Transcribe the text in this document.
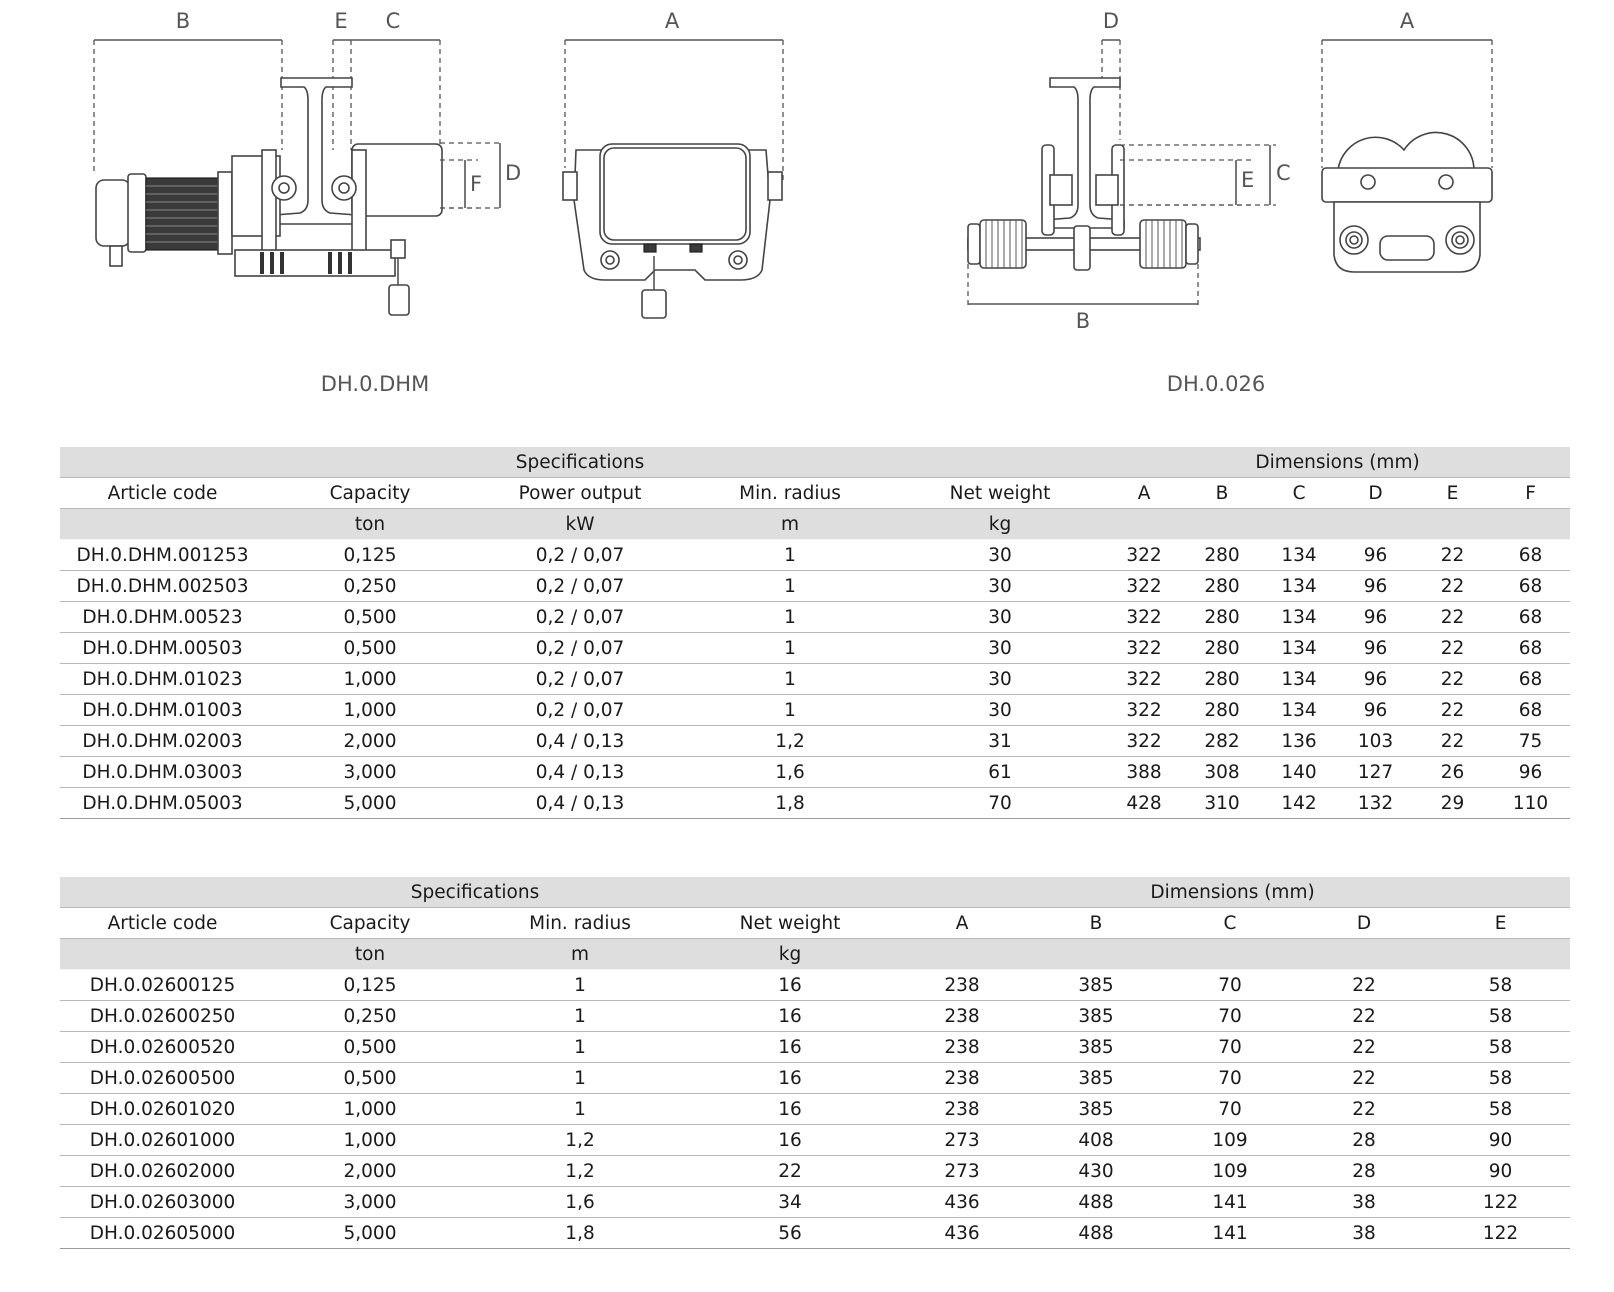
B	E C
F D
A	D
E C
B
A
DH.0.DHM	DH.0.026
	Specifications				Dimensions (mm)					
Article code	Capacity	Power output	Min. radius	Net weight	A	B	C	D	E	F
	ton	kW	m	kg						
DH.0.DHM.001253	0,125	0,2 / 0,07	1	30	322	280	134	96	22	68
DH.0.DHM.002503	0,250	0,2 / 0,07	1	30	322	280	134	96	22	68
DH.0.DHM.00523	0,500	0,2 / 0,07	1	30	322	280	134	96	22	68
DH.0.DHM.00503	0,500	0,2 / 0,07	1	30	322	280	134	96	22	68
DH.0.DHM.01023	1,000	0,2 / 0,07	1	30	322	280	134	96	22	68
DH.0.DHM.01003	1,000	0,2 / 0,07	1	30	322	280	134	96	22	68
DH.0.DHM.02003	2,000	0,4 / 0,13	1,2	31	322	282	136	103	22	75
DH.0.DHM.03003	3,000	0,4 / 0,13	1,6	61	388	308	140	127	26	96
DH.0.DHM.05003	5,000	0,4 / 0,13	1,8	70	428	310	142	132	29	110
	Specifications			Dimensions (mm)				
Article code	Capacity	Min. radius	Net weight	A	B	C	D	E
	ton	m	kg					
DH.0.02600125	0,125	1	16	238	385	70	22	58
DH.0.02600250	0,250	1	16	238	385	70	22	58
DH.0.02600520	0,500	1	16	238	385	70	22	58
DH.0.02600500	0,500	1	16	238	385	70	22	58
DH.0.02601020	1,000	1	16	238	385	70	22	58
DH.0.02601000	1,000	1,2	16	273	408	109	28	90
DH.0.02602000	2,000	1,2	22	273	430	109	28	90
DH.0.02603000	3,000	1,6	34	436	488	141	38	122
DH.0.02605000	5,000	1,8	56	436	488	141	38	122
